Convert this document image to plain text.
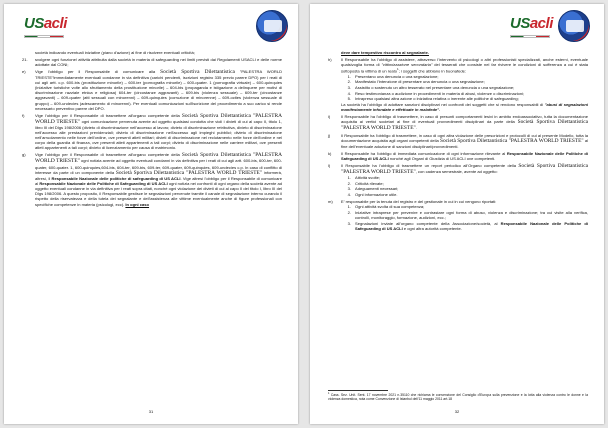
USacli

società indicando eventuali iniziative (piano d'azione) al fine di risolvere eventuali criticità;

21.	svolgere ogni funzione/ attività attribuita dalla società in materia di safeguarding nei limiti previsti dai Regolamenti USACLI e delle norme adottate dal CONI;
e)	Vige l'obbligo per il Responsabile di comunicare alla Società Sportiva Dilettantistica "PALESTRA WORLD TRIESTE"immediatamente eventuali condanne in via definitiva (carichi pendenti, iscrizioni registro 335 previo parere DPO) per i reati di cui agli artt. c.p. 600-bis (prostituzione minorile) – 600-ter (pornografia minorile) – 600-quater. 1 (pornografia virtuale) – 600-quinquies (iniziative turistiche volte allo sfruttamento della prostituzione minorile) – 604-bis (propaganda e istigazione a delinquere per motivi di discriminazione razziale etnica e religiosa) 604-ter (circostanze aggravanti) – 609-bis (violenza sessuale) – 609-ter (circostanze aggravanti) – 609-quater (atti sessuali con minorenni) – 609-quinquies (corruzione di minorenne) – 609-octies (violenza sessuale di gruppo) – 609-undecies (adescamento di minorenni). Per eventuali comunicazioni sull'iscrizione del procedimento a suo carico si rende necessario preventivo parere del DPO.
f)	Vige l'obbligo per il Responsabile di trasmettere all'organo competente della Società Sportiva Dilettantistica "PALESTRA WORLD TRIESTE" ogni comunicazione pervenuta avente ad oggetto qualsiasi condotta che violi i divieti di cui al capo II, titolo 1, libro III del Dlgs 198/2006 (divieto di discriminazione nell'accesso al lavoro; divieto di discriminazione retributiva, divieto di discriminazione nell'accesso alle prestazioni previdenziali; divieto di discriminazione nell'accesso agli impieghi pubblici; divieto di discriminazione nell'arruolamento nelle forze dell'ordine, ove presenti atleti militari; divieti di discriminazione nel reclutamento nelle forze dell'ordine e nel corpo della guardia di finanza, ove presenti atleti appartenenti a tali corpi; divieto di discriminazione nelle carriere militari, ove presenti atleti appartenenti a tali corpi; divieto di licenziamento per causa di matrimonio.
g)	Vige l'obbligo per il Responsabile di trasmettere all'organo competente della Società Sportiva Dilettantistica "PALESTRA WORLD TRIESTE" ogni notizia avente ad oggetto eventuali condanni in via definitiva per i reati di cui agli artt. 600-bis, 600-ter, 600-quater, 600-quater. 1, 600-quinquies,604-bis, 604-ter, 609-bis, 609-ter, 609-quater, 609-quinquies, 609-undecies c.p. In caso di conflitto di interesse da parte di un componente della Società Sportiva Dilettantistica "PALESTRA WORLD TRIESTE" informerà, altresì, il Responsabile Nazionale delle politiche di safeguarding di US ACLI. Vige altresì l'obbligo per il Responsabile di comunicare al Responsabile Nazionale delle Politiche di Safeguarding di US ACLI ogni notizia nei confronti di ogni organo della società avente ad oggetto eventuali condanne in via definitiva per i reati sopra citati, nonché ogni violazione dei divieti di cui al capo II del titolo I, libro III del Dlgs 198/2006. A questo proposito, il Responsabile gestisce le segnalazioni pervenute tramite il canale di segnalazione interno curando il rispetto della riservatezza e della tutela dei segnalante e dell'assistenza alle vittime eventualmente anche di figure professionali con specifiche competenze in materia (psicologi, ecc). In ogni caso
31
USacli

deve dare tempestivo riscontro al segnalante.

h)	Il Responsabile ha l'obbligo di assistere, attraverso l'intervento di psicologi o altri professionisti specializzati, anche esterni, eventuale qualsivoglia forma di "vittimizzazione secondaria" del tesserati che consiste nel far rivivere le condizioni di sofferenza a cui è stata sottoposta la vittima di un reato$^1$; i soggetti che abbiano in buonafede:
1. Presentano una denuncia o una segnalazione;
2. Manifestato l'intenzione di presentare una denuncia o una segnalazione;
3. Assistito o sostenuto un altro tesserato nel presentare una denuncia o una segnalazione;
4. Reso testimonianza o audizione in procedimenti in materia di abusi, violenze o discriminazioni;
5. Intrapreso qualsiasi altra azione o iniziativa relativa o inerente alle politiche di safeguarding;
La società ha l'obbligo di adottare sanzioni disciplinari nei confronti dei soggetti che si rendono responsabili di "abusi di segnalazioni manifestamente infondate e effettuate in malafede".
i)	Il Responsabile ha l'obbligo di trasmettere, in caso di presunti comportamenti lesivi in ambito endoassociativo, tutta la documentazione acquisita ai vertici societari al fine di eventuali provvedimenti disciplinari da parte della Società Sportiva Dilettantistica "PALESTRA WORLD TRIESTE".
j)	Il Responsabile ha l'obbligo di trasmettere, in caso di ogni altra violazione delle prescrizioni e protocolli di cui al presente Modello, tutta la documentazione acquisita agli organi competenti della Società Sportiva Dilettantistica "PALESTRA WORLD TRIESTE" al fine dell'eventuale adozione di sanzioni disciplinari/provvedimenti.
k)	Il Responsabile ha l'obbligo di immediata comunicazione di ogni informazione rilevante al Responsabile Nazionale delle Politiche di Safeguarding di US ACLI nonché agli Organi di Giustizia di US ACLI ove competenti.
l)	Il Responsabile ha l'obbligo di trasmettere un report periodico all'Organo competente della Società Sportiva Dilettantistica "PALESTRA WORLD TRIESTE", con cadenza semestrale, avente ad oggetto:
1. Attività svolte;
2. Criticità rilevate;
3. Adeguamenti necessari;
4. Ogni informazione utile.
m)	E' responsabile per la tenuta del registro e del gestionale in cui in cui vengono riportati:
1. Ogni attività svolta di sua competenza;
2. Iniziative intraprese per prevenire e contrastare ogni forma di abuso, violenza e discriminazione; tra cui visite alla verifica, controlli, monitoraggio, formazione, audizioni, ecc.;
3. Segnalazioni inviate all'organo competente della Associazione/società, al Responsabile Nazionale delle Politiche di Safeguarding di US ACLI e ogni altra autorità competente.
$^1$ Cass. Sez. Unit. Sent. 17 novembre 2021 n.35110 che richiama le convenzione del Consiglio d'Europa sulla prevenzione e la lotta alla violenza contro le donne e la violenza domestica, nota come Convenzione di Istanbul dell'11 maggio 2011 art.18
32
